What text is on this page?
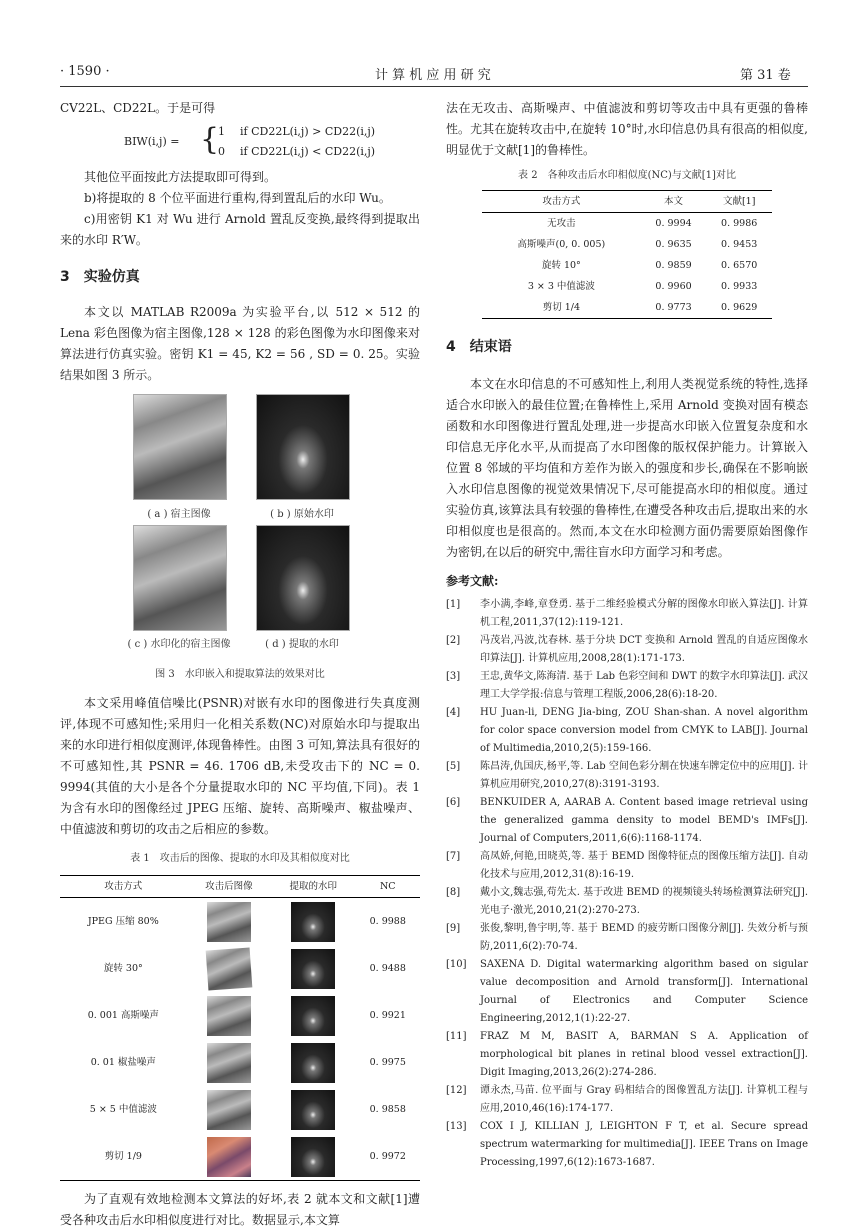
· 1590 ·	计 算 机 应 用 研 究	第 31 卷

CV22L、CD22L。于是可得

BIW(i,j) = {
1 if CD22L(i,j) > CD22(i,j)
0 if CD22L(i,j) < CD22(i,j)

其他位平面按此方法提取即可得到。

b)将提取的 8 个位平面进行重构,得到置乱后的水印 Wu。

c)用密钥 K1 对 Wu 进行 Arnold 置乱反变换,最终得到提取出来的水印 R′W。

3　实验仿真

本文以 MATLAB R2009a 为实验平台,以 512 × 512 的 Lena 彩色图像为宿主图像,128 × 128 的彩色图像为水印图像来对算法进行仿真实验。密钥 K1 = 45, K2 = 56 , SD = 0. 25。实验结果如图 3 所示。

( a ) 宿主图像	( b ) 原始水印
( c ) 水印化的宿主图像	( d ) 提取的水印
图 3　水印嵌入和提取算法的效果对比

本文采用峰值信噪比(PSNR)对嵌有水印的图像进行失真度测评,体现不可感知性;采用归一化相关系数(NC)对原始水印与提取出来的水印进行相似度测评,体现鲁棒性。由图 3 可知,算法具有很好的不可感知性,其 PSNR = 46. 1706 dB,未受攻击下的 NC = 0. 9994(其值的大小是各个分量提取水印的 NC 平均值,下同)。表 1 为含有水印的图像经过 JPEG 压缩、旋转、高斯噪声、椒盐噪声、中值滤波和剪切的攻击之后相应的参数。

表 1　攻击后的图像、提取的水印及其相似度对比
攻击方式	攻击后图像	提取的水印	NC
JPEG 压缩 80%			0. 9988
旋转 30°			0. 9488
0. 001 高斯噪声			0. 9921
0. 01 椒盐噪声			0. 9975
5 × 5 中值滤波			0. 9858
剪切 1/9			0. 9972

为了直观有效地检测本文算法的好坏,表 2 就本文和文献[1]遭受各种攻击后水印相似度进行对比。数据显示,本文算

法在无攻击、高斯噪声、中值滤波和剪切等攻击中具有更强的鲁棒性。尤其在旋转攻击中,在旋转 10°时,水印信息仍具有很高的相似度,明显优于文献[1]的鲁棒性。

表 2　各种攻击后水印相似度(NC)与文献[1]对比
攻击方式	本文	文献[1]
无攻击	0. 9994	0. 9986
高斯噪声(0, 0. 005)	0. 9635	0. 9453
旋转 10°	0. 9859	0. 6570
3 × 3 中值滤波	0. 9960	0. 9933
剪切 1/4	0. 9773	0. 9629
4　结束语

本文在水印信息的不可感知性上,利用人类视觉系统的特性,选择适合水印嵌入的最佳位置;在鲁棒性上,采用 Arnold 变换对固有模态函数和水印图像进行置乱处理,进一步提高水印嵌入位置复杂度和水印信息无序化水平,从而提高了水印图像的版权保护能力。计算嵌入位置 8 邻域的平均值和方差作为嵌入的强度和步长,确保在不影响嵌入水印信息图像的视觉效果情况下,尽可能提高水印的相似度。通过实验仿真,该算法具有较强的鲁棒性,在遭受各种攻击后,提取出来的水印相似度也是很高的。然而,本文在水印检测方面仍需要原始图像作为密钥,在以后的研究中,需往盲水印方面学习和考虑。

参考文献:
[1] 李小满,李峰,章登勇. 基于二维经验模式分解的图像水印嵌入算法[J]. 计算机工程,2011,37(12):119-121.
[2] 冯茂岩,冯波,沈春林. 基于分块 DCT 变换和 Arnold 置乱的自适应图像水印算法[J]. 计算机应用,2008,28(1):171-173.
[3] 王忠,黄华文,陈海清. 基于 Lab 色彩空间和 DWT 的数字水印算法[J]. 武汉理工大学学报:信息与管理工程版,2006,28(6):18-20.
[4] HU Juan-li, DENG Jia-bing, ZOU Shan-shan. A novel algorithm for color space conversion model from CMYK to LAB[J]. Journal of Multimedia,2010,2(5):159-166.
[5] 陈昌涛,仇国庆,杨平,等. Lab 空间色彩分割在快速车牌定位中的应用[J]. 计算机应用研究,2010,27(8):3191-3193.
[6] BENKUIDER A, AARAB A. Content based image retrieval using the generalized gamma density to model BEMD's IMFs[J]. Journal of Computers,2011,6(6):1168-1174.
[7] 高凤娇,何艳,田晓英,等. 基于 BEMD 图像特征点的图像压缩方法[J]. 自动化技术与应用,2012,31(8):16-19.
[8] 戴小文,魏志强,苟先太. 基于改进 BEMD 的视频镜头转场检测算法研究[J]. 光电子·激光,2010,21(2):270-273.
[9] 张俊,黎明,鲁宇明,等. 基于 BEMD 的疲劳断口图像分割[J]. 失效分析与预防,2011,6(2):70-74.
[10] SAXENA D. Digital watermarking algorithm based on sigular value decomposition and Arnold transform[J]. International Journal of Electronics and Computer Science Engineering,2012,1(1):22-27.
[11] FRAZ M M, BASIT A, BARMAN S A. Application of morphological bit planes in retinal blood vessel extraction[J]. Digit Imaging,2013,26(2):274-286.
[12] 谭永杰,马苗. 位平面与 Gray 码相结合的图像置乱方法[J]. 计算机工程与应用,2010,46(16):174-177.
[13] COX I J, KILLIAN J, LEIGHTON F T, et al. Secure spread spectrum watermarking for multimedia[J]. IEEE Trans on Image Processing,1997,6(12):1673-1687.
